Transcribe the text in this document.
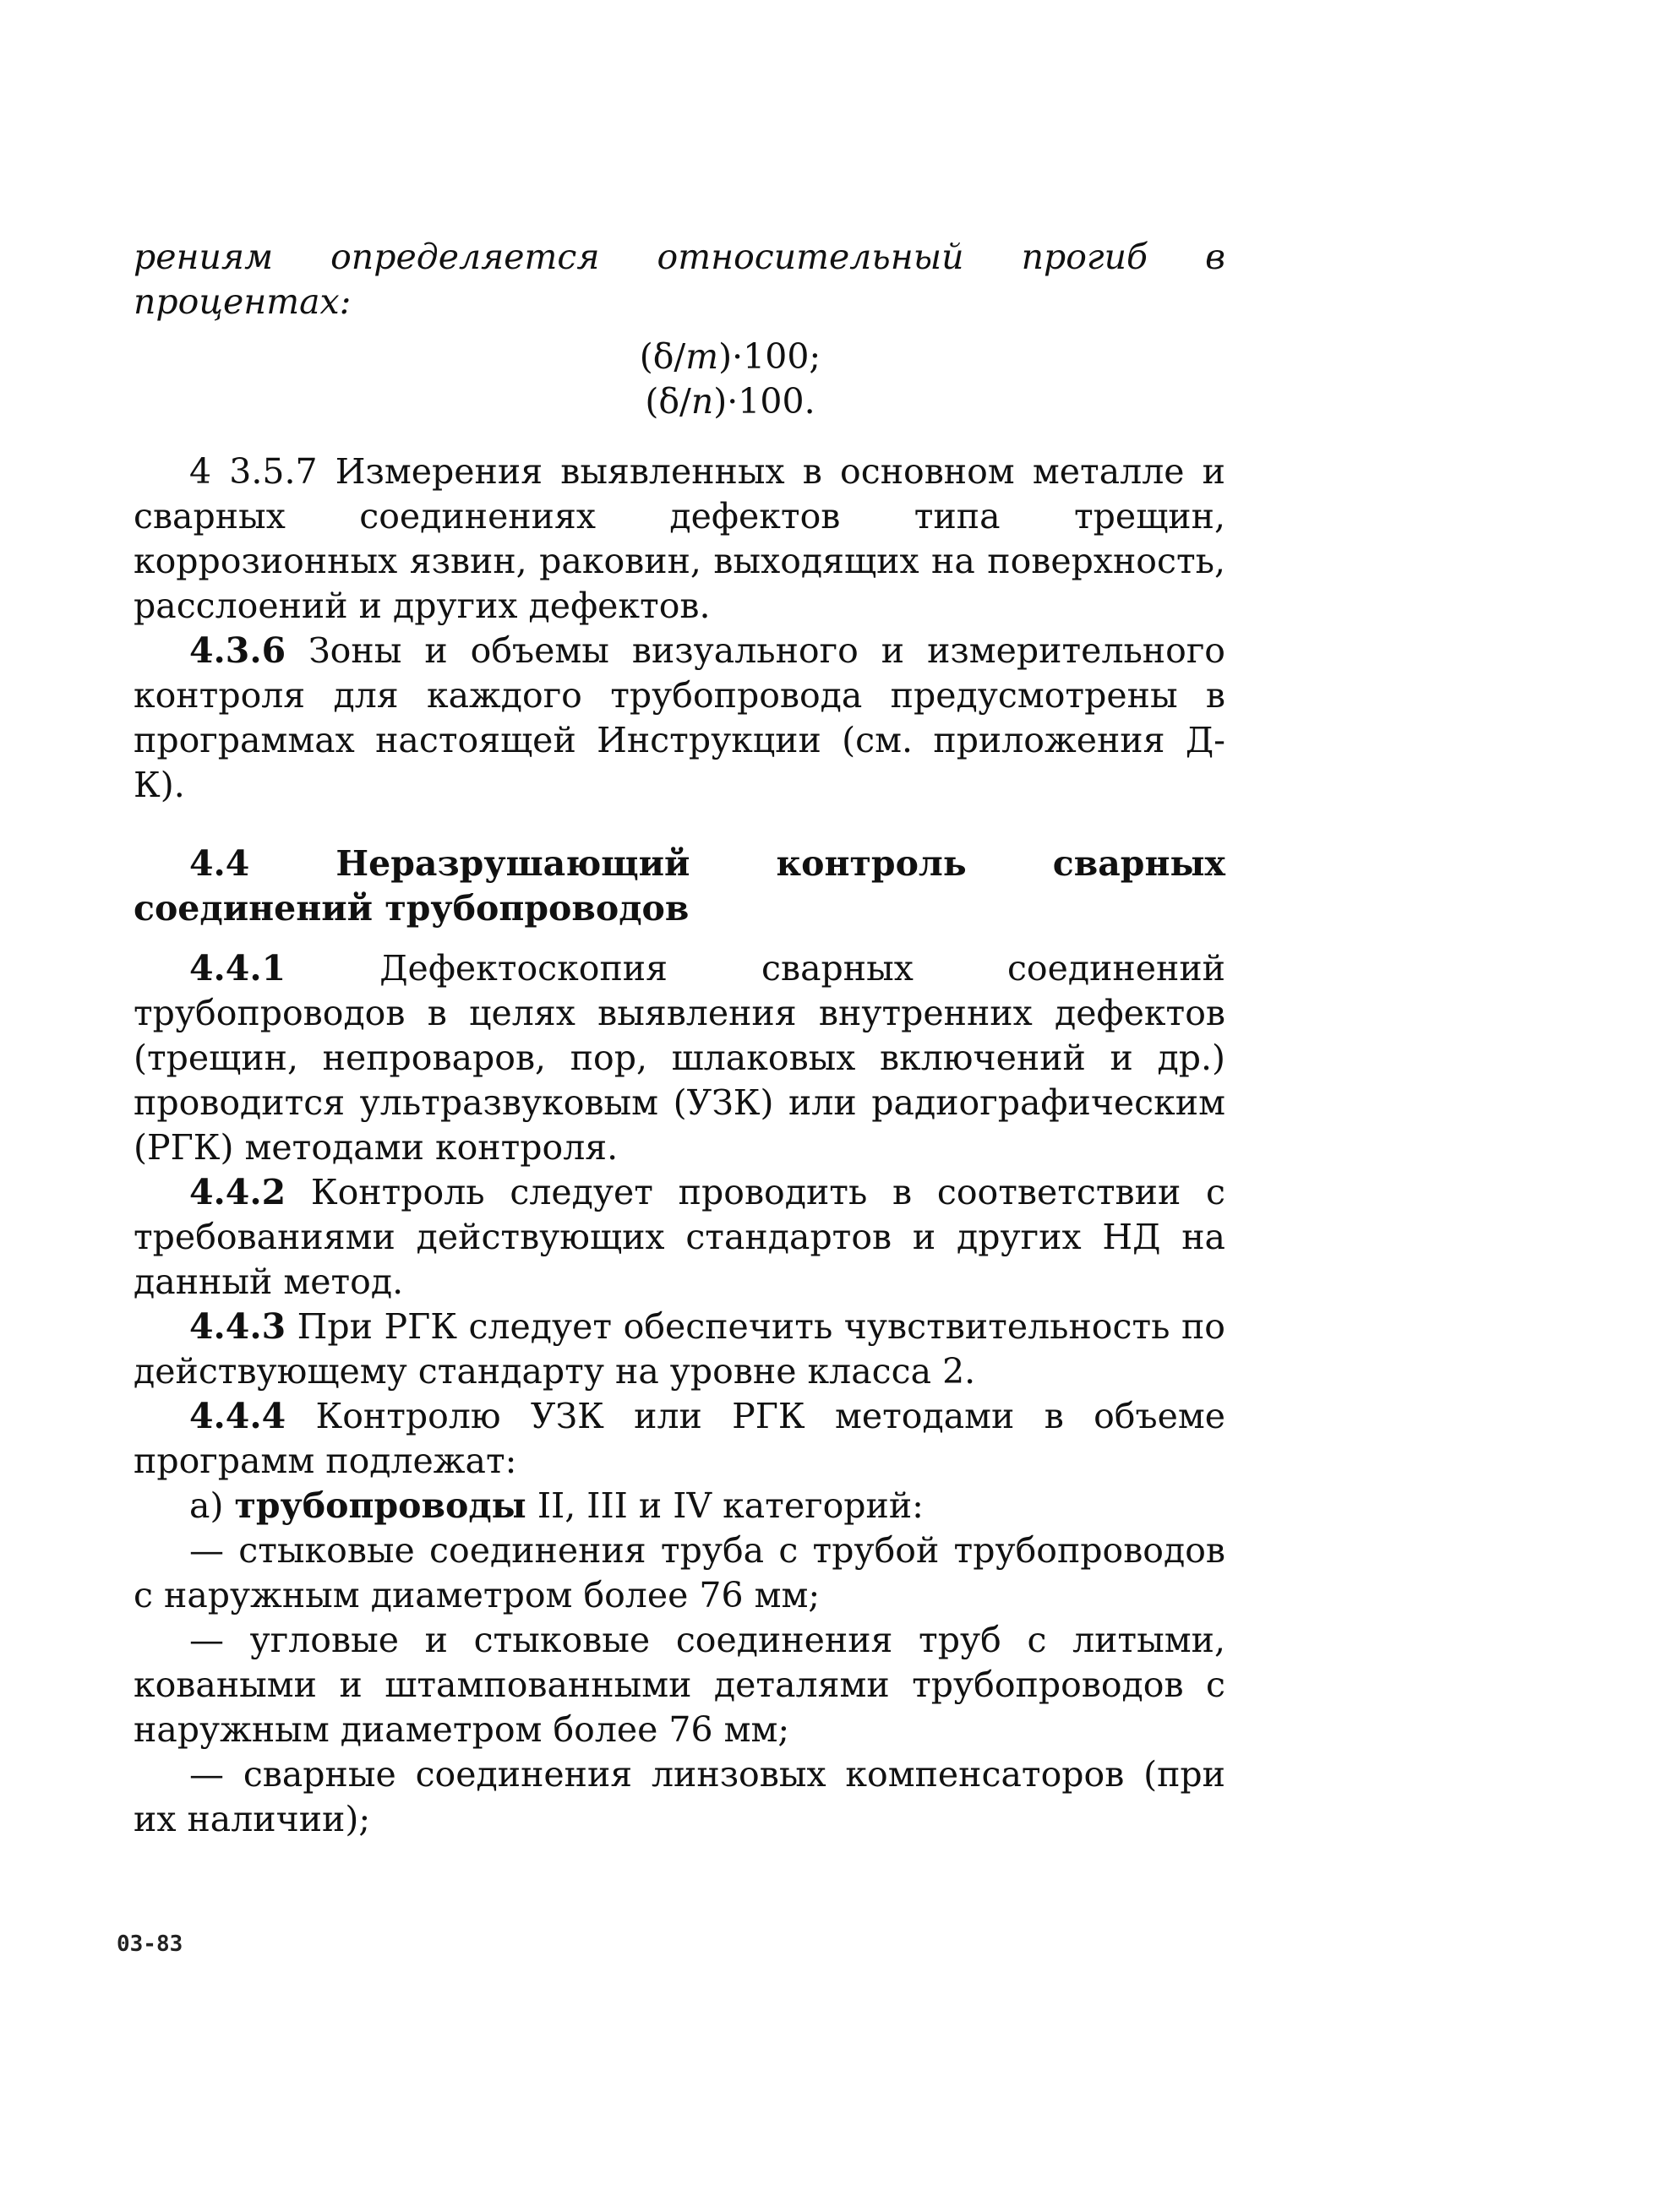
рениям определяется относительный прогиб в процентах:

(δ/m)·100;
(δ/n)·100.

4 3.5.7 Измерения выявленных в основном металле и сварных соединениях дефектов типа трещин, коррозионных язвин, раковин, выходящих на поверхность, расслоений и других дефектов.

4.3.6 Зоны и объемы визуального и измерительного контроля для каждого трубопровода предусмотрены в программах настоящей Инструкции (см. приложения Д-К).

4.4 Неразрушающий контроль сварных соединений трубопроводов

4.4.1 Дефектоскопия сварных соединений трубопроводов в целях выявления внутренних дефектов (трещин, непроваров, пор, шлаковых включений и др.) проводится ультразвуковым (УЗК) или радиографическим (РГК) методами контроля.

4.4.2 Контроль следует проводить в соответствии с требованиями действующих стандартов и других НД на данный метод.

4.4.3 При РГК следует обеспечить чувствительность по действующему стандарту на уровне класса 2.

4.4.4 Контролю УЗК или РГК методами в объеме программ подлежат:

а) трубопроводы II, III и IV категорий:

— стыковые соединения труба с трубой трубопроводов с наружным диаметром более 76 мм;

— угловые и стыковые соединения труб с литыми, коваными и штампованными деталями трубопроводов с наружным диаметром более 76 мм;

— сварные соединения линзовых компенсаторов (при их наличии);

03-83
